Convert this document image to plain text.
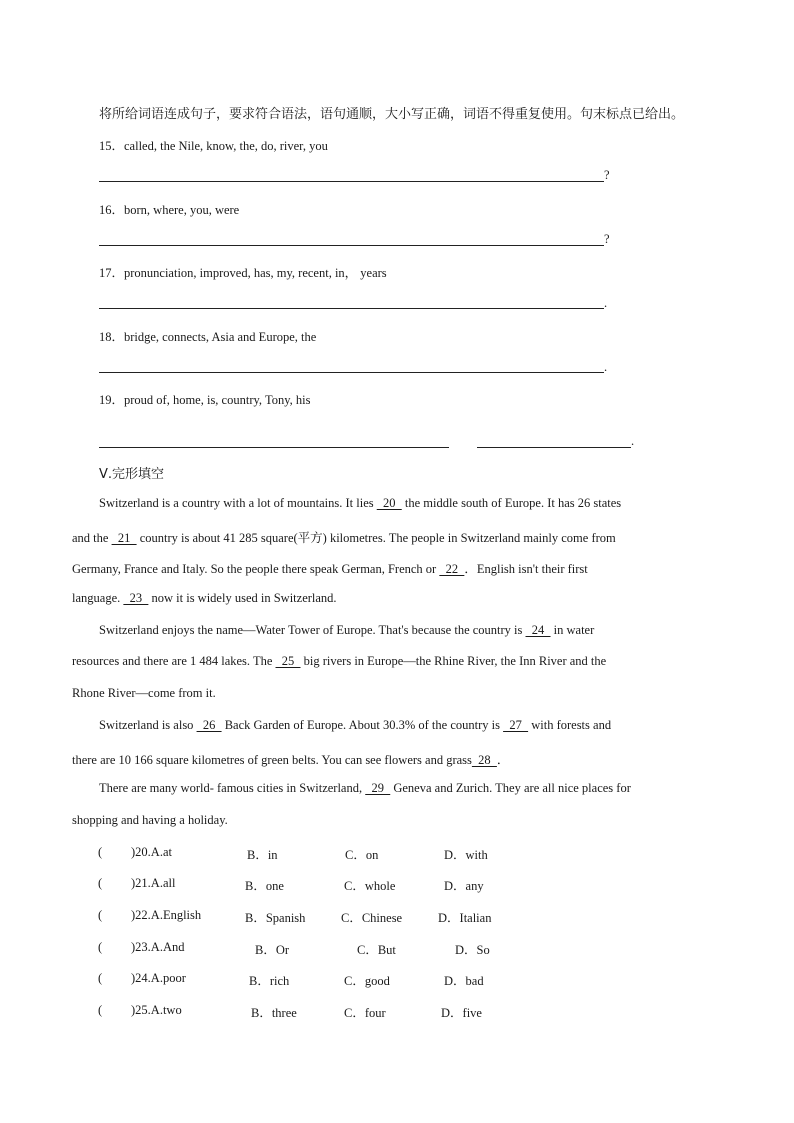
将所给词语连成句子，要求符合语法，语句通顺，大小写正确，词语不得重复使用。句末标点已给出。
15．called, the Nile, know, the, do, river, you
?
16．born, where, you, were
?
17．pronunciation, improved, has, my, recent, in， years
.
18．bridge, connects, Asia and Europe, the
.
19．proud of, home, is, country, Tony, his
.
Ⅴ.完形填空
Switzerland is a country with a lot of mountains. It lies   20   the middle south of Europe. It has 26 states
and the   21   country is about 41 285 square(平方) kilometres. The people in Switzerland mainly come from
Germany, France and Italy. So the people there speak German, French or   22  ．English isn't their first
language.   23   now it is widely used in Switzerland.
Switzerland enjoys the name—Water Tower of Europe. That's because the country is   24   in water
resources and there are 1 484 lakes. The   25   big rivers in Europe—the Rhine River, the Inn River and the
Rhone River—come from it.
Switzerland is also   26   Back Garden of Europe. About 30.3% of the country is   27   with forests and
there are 10 166 square kilometres of green belts. You can see flowers and grass  28  ．
There are many world- famous cities in Switzerland,   29   Geneva and Zurich. They are all nice places for
shopping and having a holiday.
( )20.A.at	B．in	C．on	D．with
( )21.A.all	B．one	C．whole	D．any
( )22.A.English	B．Spanish	C．Chinese	D．Italian
( )23.A.And	B．Or	C．But	D．So
( )24.A.poor	B．rich	C．good	D．bad
( )25.A.two	B．three	C．four	D．five
